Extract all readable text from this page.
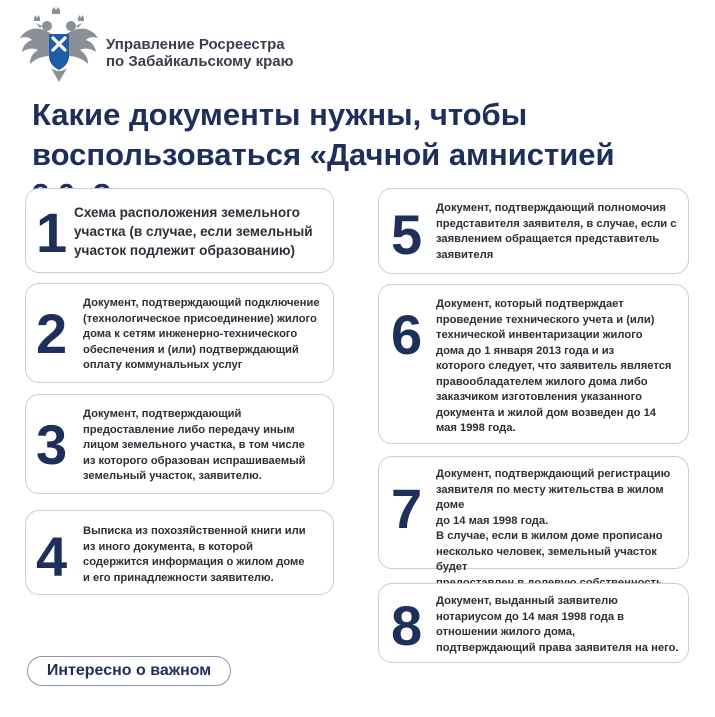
Управление Росреестра
по Забайкальскому краю
Какие документы нужны, чтобы
воспользоваться «Дачной амнистией
1 Схема расположения земельного
участка (в случае, если земельный
участок подлежит образованию)
2 Документ, подтверждающий подключение
(технологическое присоединение) жилого
дома к сетям инженерно-технического
обеспечения и (или) подтверждающий
оплату коммунальных услуг
3 Документ, подтверждающий
предоставление либо передачу иным
лицом земельного участка, в том числе
из которого образован испрашиваемый
земельный участок, заявителю.
4 Выписка из похозяйственной книги или
из иного документа, в которой
содержится информация о жилом доме
и его принадлежности заявителю.
5 Документ, подтверждающий полномочия
представителя заявителя, в случае, если с
заявлением обращается представитель
заявителя
6 Документ, который подтверждает
проведение технического учета и (или)
технической инвентаризации жилого
дома до 1 января 2013 года и из
которого следует, что заявитель является
правообладателем жилого дома либо
заказчиком изготовления указанного
документа и жилой дом возведен до 14
мая 1998 года.
7
Документ, подтверждающий регистрацию
заявителя по месту жительства в жилом доме
до 14 мая 1998 года.
В случае, если в жилом доме прописано
несколько человек, земельный участок будет
8 Документ, выданный заявителю
нотариусом до 14 мая 1998 года в
отношении жилого дома,
подтверждающий права заявителя на него.
Интересно о важном
